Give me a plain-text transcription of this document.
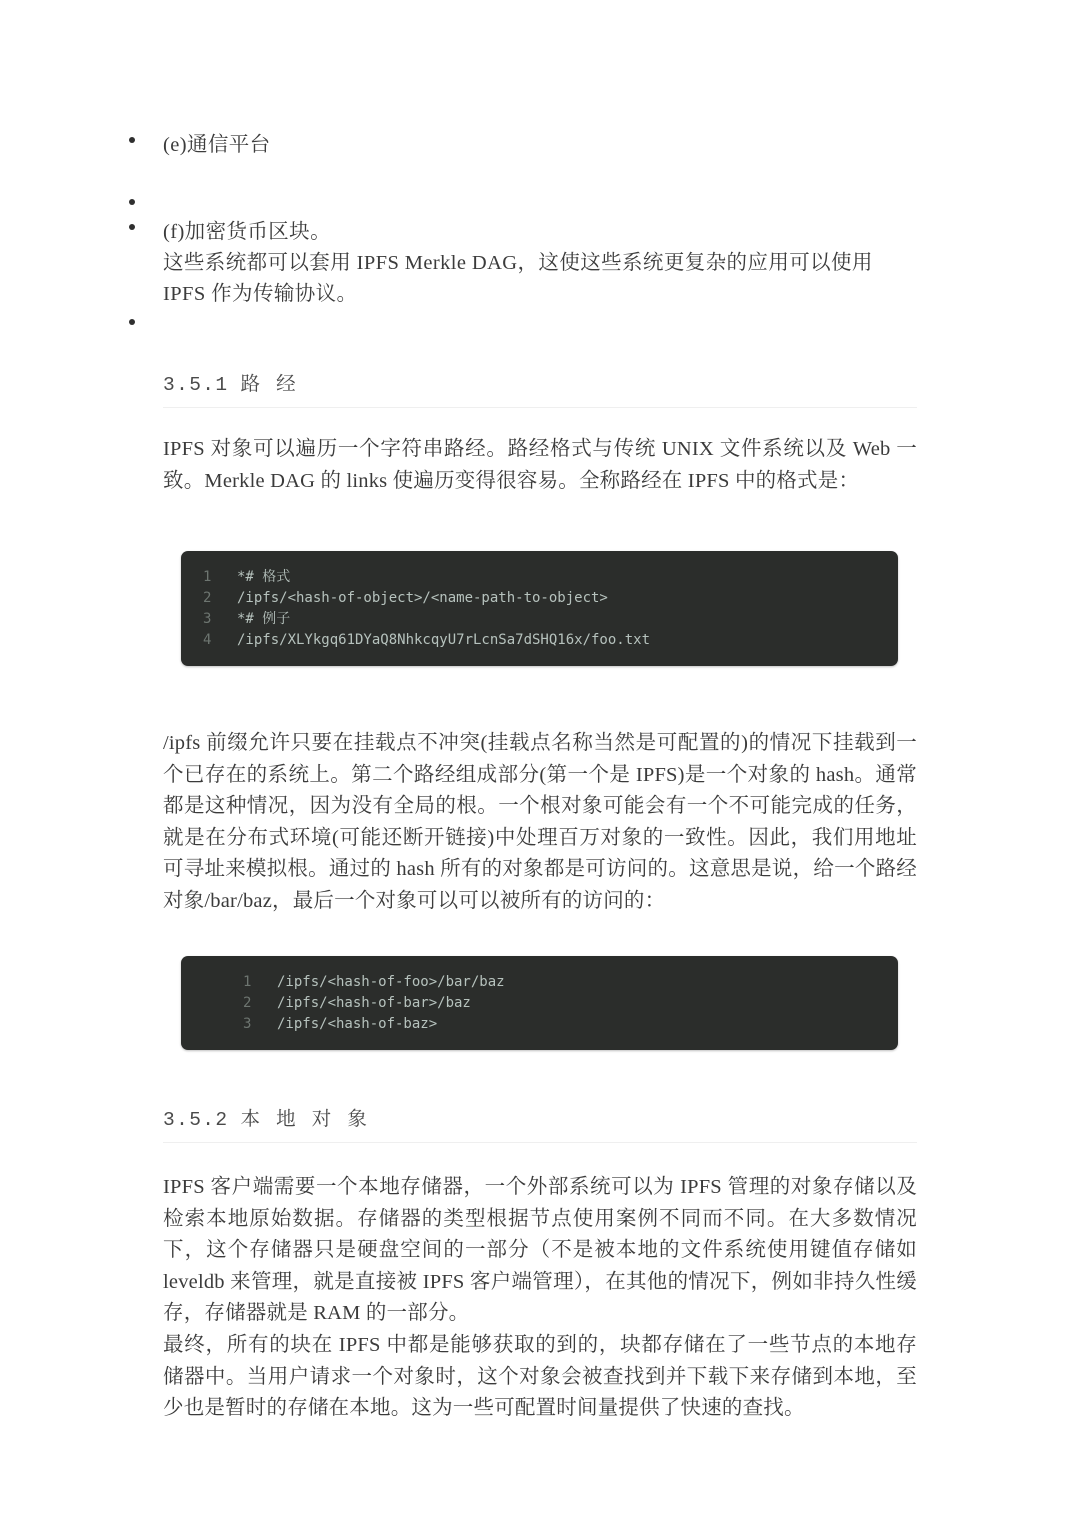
(e)通信平台
(f)加密货币区块。
这些系统都可以套用 IPFS Merkle DAG，这使这些系统更复杂的应用可以使用
IPFS 作为传输协议。
3.5.1 路 经
IPFS 对象可以遍历一个字符串路经。路经格式与传统 UNIX 文件系统以及 Web 一致。Merkle DAG 的 links 使遍历变得很容易。全称路经在 IPFS 中的格式是：
1	*# 格式
2	/ipfs/<hash-of-object>/<name-path-to-object>
3	*# 例子
4	/ipfs/XLYkgq61DYaQ8NhkcqyU7rLcnSa7dSHQ16x/foo.txt
/ipfs 前缀允许只要在挂载点不冲突(挂载点名称当然是可配置的)的情况下挂载到一个已存在的系统上。第二个路经组成部分(第一个是 IPFS)是一个对象的 hash。通常都是这种情况，因为没有全局的根。一个根对象可能会有一个不可能完成的任务，就是在分布式环境(可能还断开链接)中处理百万对象的一致性。因此，我们用地址可寻址来模拟根。通过的 hash 所有的对象都是可访问的。这意思是说，给一个路经对象/bar/baz，最后一个对象可以可以被所有的访问的：
1	/ipfs/<hash-of-foo>/bar/baz
2	/ipfs/<hash-of-bar>/baz
3	/ipfs/<hash-of-baz>
3.5.2 本 地 对 象
IPFS 客户端需要一个本地存储器，一个外部系统可以为 IPFS 管理的对象存储以及检索本地原始数据。存储器的类型根据节点使用案例不同而不同。在大多数情况下，这个存储器只是硬盘空间的一部分（不是被本地的文件系统使用键值存储如 leveldb 来管理，就是直接被 IPFS 客户端管理），在其他的情况下，例如非持久性缓存，存储器就是 RAM 的一部分。
最终，所有的块在 IPFS 中都是能够获取的到的，块都存储在了一些节点的本地存储器中。当用户请求一个对象时，这个对象会被查找到并下载下来存储到本地，至少也是暂时的存储在本地。这为一些可配置时间量提供了快速的查找。
